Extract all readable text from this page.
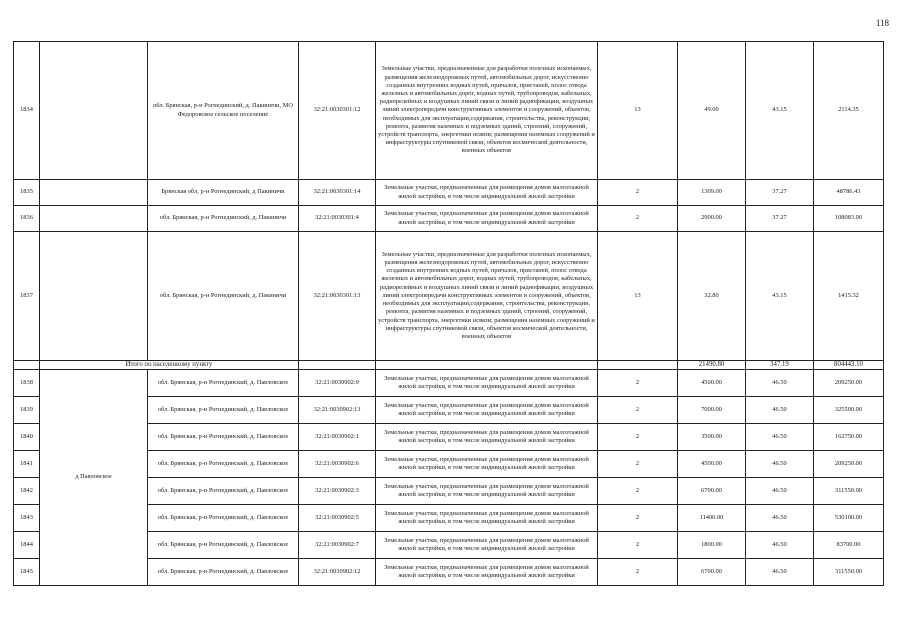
118
1834		обл. Брянская, р-н Рогнединский, д. Пакиничи, МО Федоровское сельское поселение	32:21:0030301:12	Земельные участки, предназначенные для разработки полезных ископаемых, размещения железнодорожных путей, автомобильных дорог, искусственно созданных внутренних водных путей, причалов, пристаней, полос отвода железных и автомобильных дорог, водных путей, трубопроводов, кабельных, радиорелейных и воздушных линий связи и линий радиофикации, воздушных линий электропередачи конструктивных элементов и сооружений, объектов, необходимых для эксплуатации,содержания, строительства, реконструкции, ремонта, развития наземных и подземных зданий, строений, сооружений, устройств транспорта, энергетики нсвязи; размещения наземных сооружений и инфраструктуры спутниковой связи, объектов космической деятельности, военных объектов	13	49.00	43.15	2114.35
1835		Брянская обл, р-н Рогнединский, д Пакиничи	32:21:0030301:14	Земельные участки, предназначенные для размещения домов малоэтажной жилой застройки, в том числе индивидуальной жилой застройки	2	1309.00	37.27	48786.43
1836		обл. Брянская, р-н Рогнединский, д. Пакиничи	32:21:0030301:4	Земельные участки, предназначенные для размещения домов малоэтажной жилой застройки, в том числе индивидуальной жилой застройки	2	2900.00	37.27	108083.00
1837		обл. Брянская, р-н Рогнединский, д. Пакиничи	32:21:0030301:13	Земельные участки, предназначенные для разработки полезных ископаемых, размещения железнодорожных путей, автомобильных дорог, искусственно созданных внутренних водных путей, причалов, пристаней, полос отвода железных и автомобильных дорог, водных путей, трубопроводов, кабельных, радиорелейных и воздушных линий связи и линий радиофикации, воздушных линий электропередачи конструктивных элементов и сооружений, объектов, необходимых для эксплуатации,содержания, строительства, реконструкции, ремонта, развития наземных и подземных зданий, строений, сооружений, устройств транспорта, энергетики нсвязи; размещения наземных сооружений и инфраструктуры спутниковой связи, объектов космической деятельности, военных объектов	13	32.80	43.15	1415.32
	Итого по населенному пункту					21490.80	347.19	804443.10
1838	д Павловское	обл. Брянская, р-н Рогнединский, д. Павловское	32:21:0030902:9	Земельные участки, предназначенные для размещения домов малоэтажной жилой застройки, в том числе индивидуальной жилой застройки	2	4500.00	46.50	209250.00
1839		обл. Брянская, р-н Рогнединский, д. Павловское	32:21:0030902:13	Земельные участки, предназначенные для размещения домов малоэтажной жилой застройки, в том числе индивидуальной жилой застройки	2	7000.00	46.50	325500.00
1840		обл. Брянская, р-н Рогнединский, д. Павловское	32:21:0030902:1	Земельные участки, предназначенные для размещения домов малоэтажной жилой застройки, в том числе индивидуальной жилой застройки	2	3500.00	46.50	162750.00
1841		обл. Брянская, р-н Рогнединский, д. Павловское	32:21:0030902:6	Земельные участки, предназначенные для размещения домов малоэтажной жилой застройки, в том числе индивидуальной жилой застройки	2	4500.00	46.50	209250.00
1842		обл. Брянская, р-н Рогнединский, д. Павловское	32:21:0030902:3	Земельные участки, предназначенные для размещения домов малоэтажной жилой застройки, в том числе индивидуальной жилой застройки	2	6700.00	46.50	311550.00
1843		обл. Брянская, р-н Рогнединский, д. Павловское	32:21:0030902:5	Земельные участки, предназначенные для размещения домов малоэтажной жилой застройки, в том числе индивидуальной жилой застройки	2	11400.00	46.50	530100.00
1844		обл. Брянская, р-н Рогнединский, д. Павловское	32:21:0030902:7	Земельные участки, предназначенные для размещения домов малоэтажной жилой застройки, в том числе индивидуальной жилой застройки	2	1800.00	46.50	83700.00
1845		обл. Брянская, р-н Рогнединский, д. Павловское	32:21:0030902:12	Земельные участки, предназначенные для размещения домов малоэтажной жилой застройки, в том числе индивидуальной жилой застройки	2	6700.00	46.50	311550.00
